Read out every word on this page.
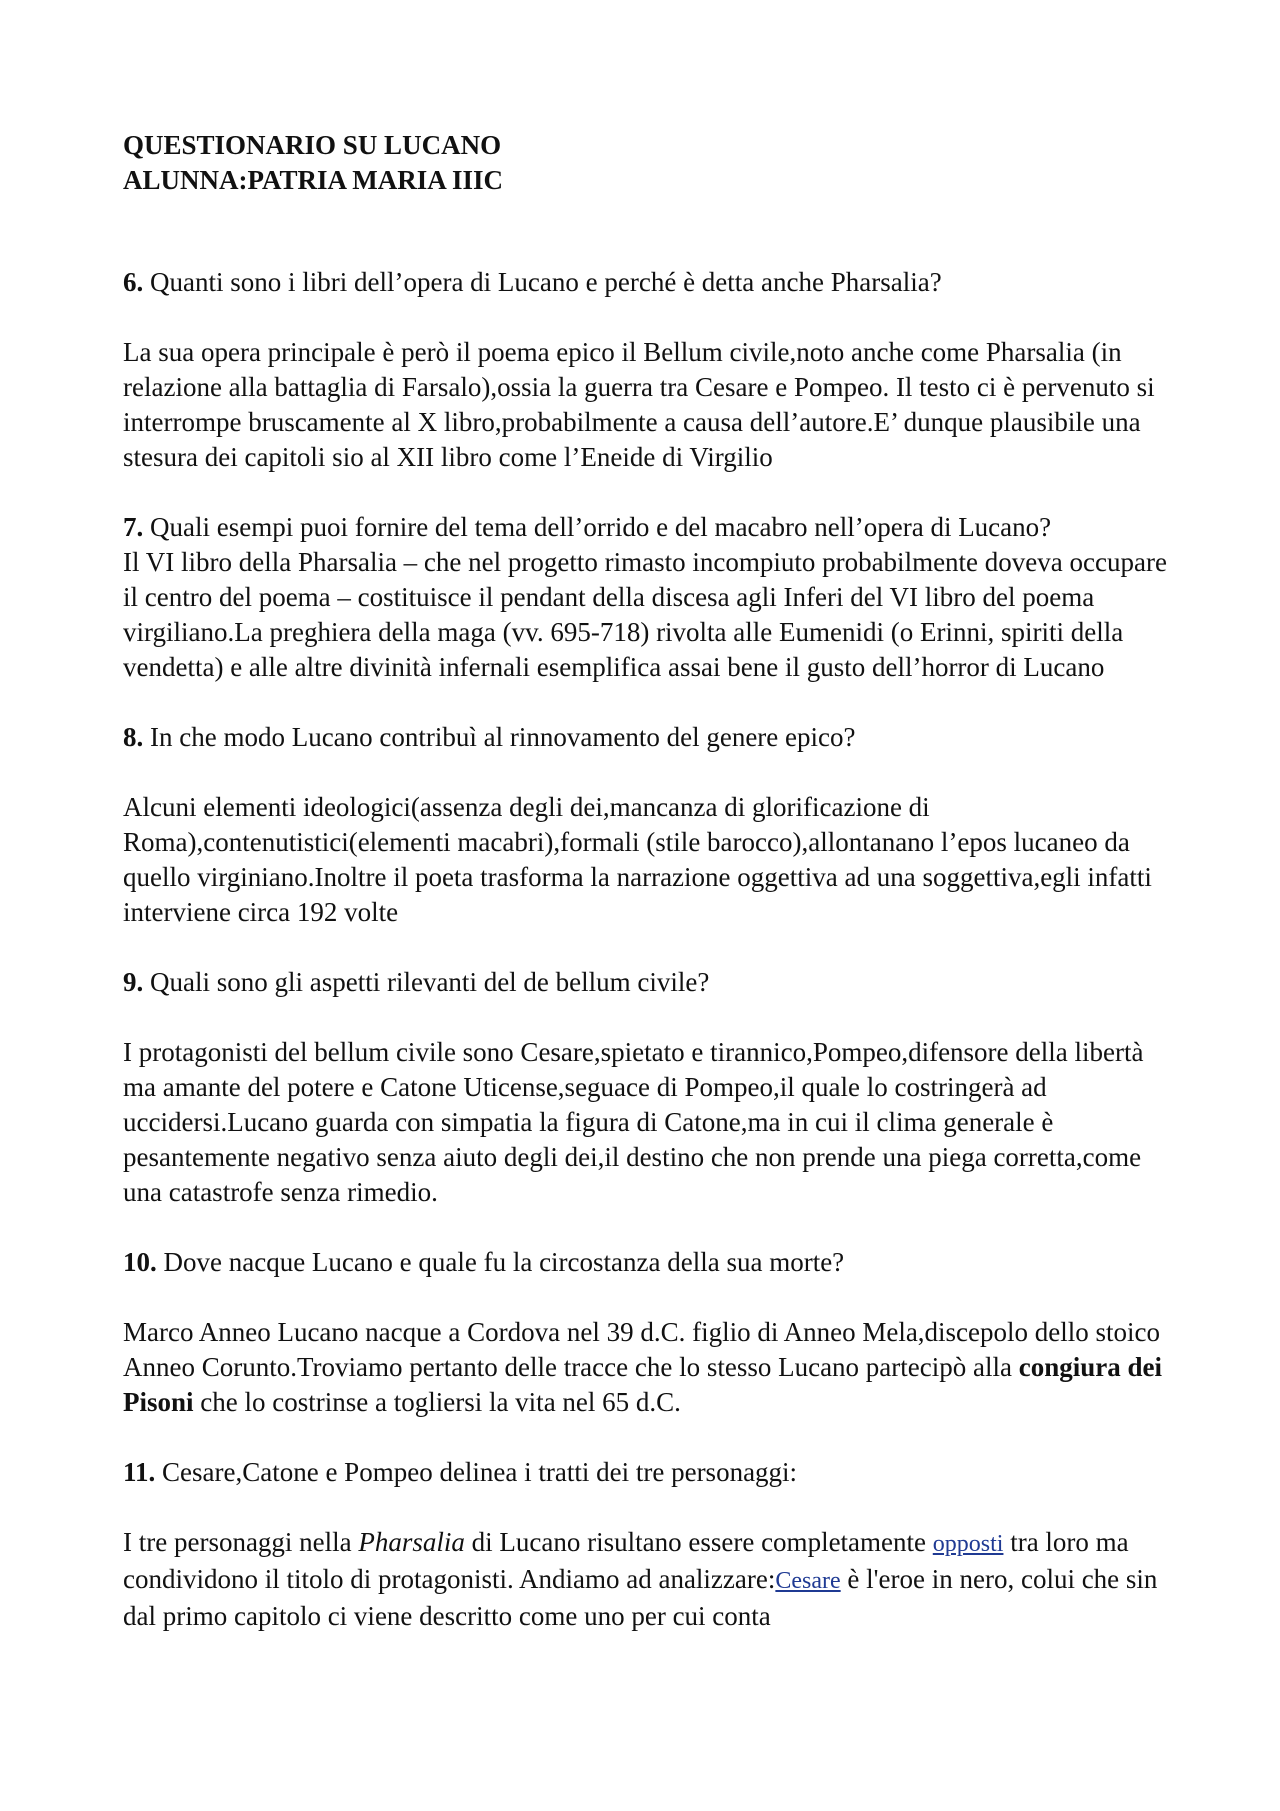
QUESTIONARIO SU LUCANO
ALUNNA:PATRIA MARIA IIIC

6. Quanti sono i libri dell’opera di Lucano e perché è detta anche Pharsalia?

La sua opera principale è però il poema epico il Bellum civile,noto anche come Pharsalia (in relazione alla battaglia di Farsalo),ossia la guerra tra Cesare e Pompeo. Il testo ci è pervenuto si interrompe bruscamente al X libro,probabilmente a causa dell’autore.E’ dunque plausibile una stesura dei capitoli sio al XII libro come l’Eneide di Virgilio

7. Quali esempi puoi fornire del tema dell’orrido e del macabro nell’opera di Lucano?

Il VI libro della Pharsalia – che nel progetto rimasto incompiuto probabilmente doveva occupare il centro del poema – costituisce il pendant della discesa agli Inferi del VI libro del poema virgiliano.La preghiera della maga (vv. 695-718) rivolta alle Eumenidi (o Erinni, spiriti della vendetta) e alle altre divinità infernali esemplifica assai bene il gusto dell’horror di Lucano

8. In che modo Lucano contribuì al rinnovamento del genere epico?

Alcuni elementi ideologici(assenza degli dei,mancanza di glorificazione di Roma),contenutistici(elementi macabri),formali (stile barocco),allontanano l’epos lucaneo da quello virginiano.Inoltre il poeta trasforma la narrazione oggettiva ad una soggettiva,egli infatti interviene circa 192 volte

9. Quali sono gli aspetti rilevanti del de bellum civile?

I protagonisti del bellum civile sono Cesare,spietato e tirannico,Pompeo,difensore della libertà ma amante del potere e Catone Uticense,seguace di Pompeo,il quale lo costringerà ad uccidersi.Lucano guarda con simpatia la figura di Catone,ma in cui il clima generale è pesantemente negativo senza aiuto degli dei,il destino che non prende una piega corretta,come una catastrofe senza rimedio.

10. Dove nacque Lucano e quale fu la circostanza della sua morte?

Marco Anneo Lucano nacque a Cordova nel 39 d.C. figlio di Anneo Mela,discepolo dello stoico Anneo Corunto.Troviamo pertanto delle tracce che lo stesso Lucano partecipò alla congiura dei Pisoni che lo costrinse a togliersi la vita nel 65 d.C.

11. Cesare,Catone e Pompeo delinea i tratti dei tre personaggi:

I tre personaggi nella Pharsalia di Lucano risultano essere completamente opposti tra loro ma condividono il titolo di protagonisti. Andiamo ad analizzare:Cesare è l'eroe in nero, colui che sin dal primo capitolo ci viene descritto come uno per cui conta
